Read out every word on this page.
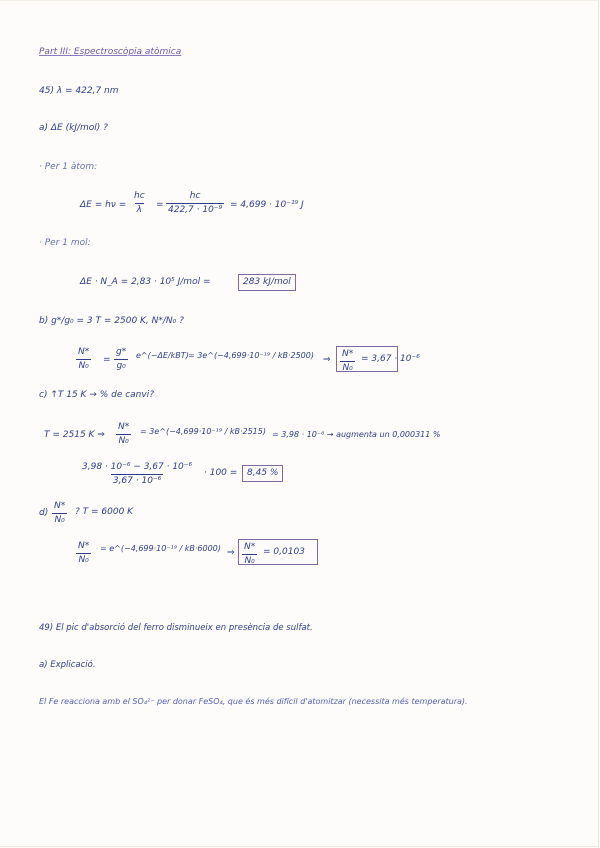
Part III: Espectroscòpia atòmica
45) λ = 422,7 nm
a) ΔE (kJ/mol) ?
· Per 1 àtom:
$\Delta E = h\nu = \frac{hc}{\lambda} = \frac{hc}{\text{422,7 · 10⁻⁹}} = 4,699 \cdot 10^{-19}$ J
· Per 1 mol:
ΔE · N_A = 2,83 · 10⁵ J/mol =	283 kJ/mol
b) g*/g₀ = 3 T = 2500 K, N*/N₀ ?
$\frac{N*}{\text{N₀}} = \frac{g*}{\text{g₀}}$ e^(−ΔE/kBT) = 3e^(−4,699·10⁻¹⁹ / kB·2500) ⇒ $\frac{N*}{\text{N₀}} = 3,67 \cdot 10^{-6}$
c) ↑T 15 K → % de canvi?
T = 2515 K ⇒ $\frac{N*}{\text{N₀}}$ = 3e^(−4,699·10⁻¹⁹ / kB·2515) = 3,98 · 10⁻⁶ → augmenta un 0,000311 %
$\frac{\text{3,98 · 10⁻⁶ − 3,67 · 10⁻⁶}}{\text{3,67 · 10⁻⁶}} \cdot 100$ =	8,45 %
$d) \frac{N*}{\text{N₀}}$ ? T = 6000 K
$\frac{N*}{\text{N₀}}$ = e^(−4,699·10⁻¹⁹ / kB·6000) ⇒ $\frac{N*}{\text{N₀}} = 0,0103$
49) El pic d'absorció del ferro disminueix en presència de sulfat.
a) Explicació.
El Fe reacciona amb el SO₄²⁻ per donar FeSO₄, que és més difícil d'atomitzar (necessita més temperatura).
